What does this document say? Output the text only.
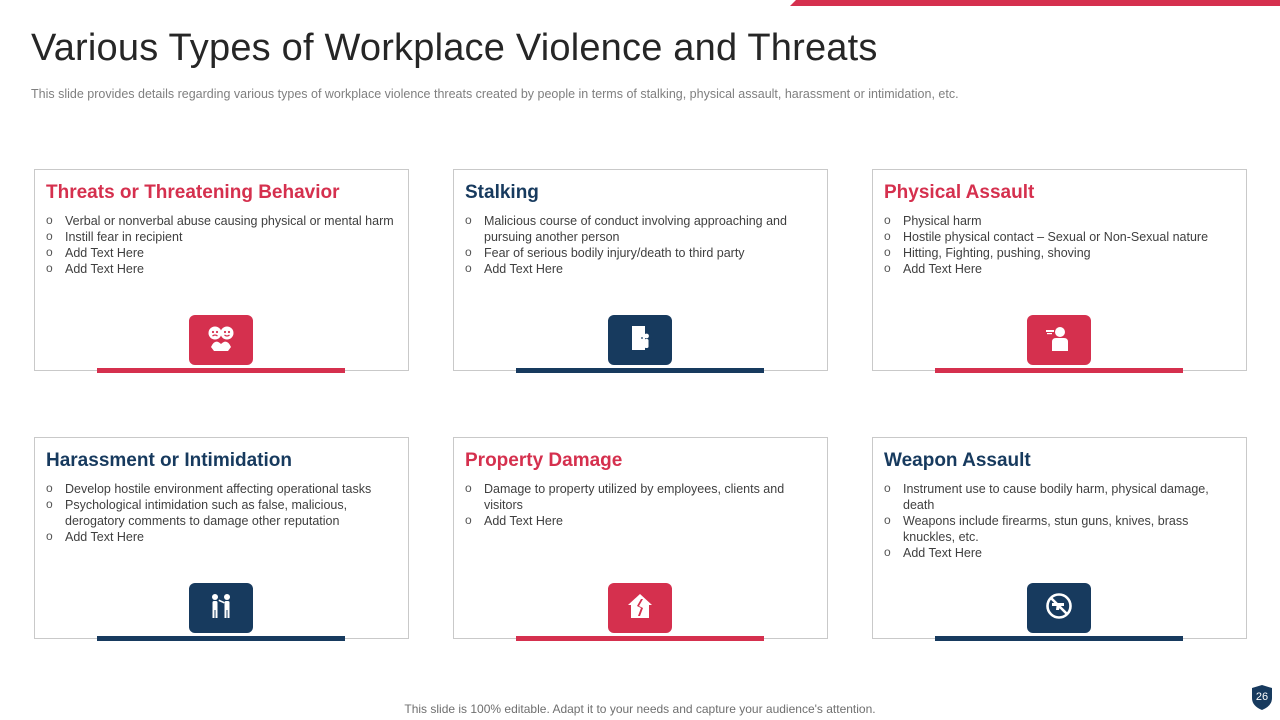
Various Types of Workplace Violence and Threats

This slide provides details regarding various types of workplace violence threats created by people in terms of stalking, physical assault, harassment or intimidation, etc.

Threats or Threatening Behavior
o Verbal or nonverbal abuse causing physical or mental harm
o Instill fear in recipient
o Add Text Here
o Add Text Here
Stalking
o Malicious course of conduct involving approaching and pursuing another person
o Fear of serious bodily injury/death to third party
o Add Text Here
Physical Assault
o Physical harm
o Hostile physical contact – Sexual or Non-Sexual nature
o Hitting, Fighting, pushing, shoving
o Add Text Here
Harassment or Intimidation
o Develop hostile environment affecting operational tasks
o Psychological intimidation such as false, malicious, derogatory comments to damage other reputation
o Add Text Here
Property Damage
o Damage to property utilized by employees, clients and visitors
o Add Text Here
Weapon Assault
o Instrument use to cause bodily harm, physical damage, death
o Weapons include firearms, stun guns, knives, brass knuckles, etc.
o Add Text Here
This slide is 100% editable. Adapt it to your needs and capture your audience's attention.
26
